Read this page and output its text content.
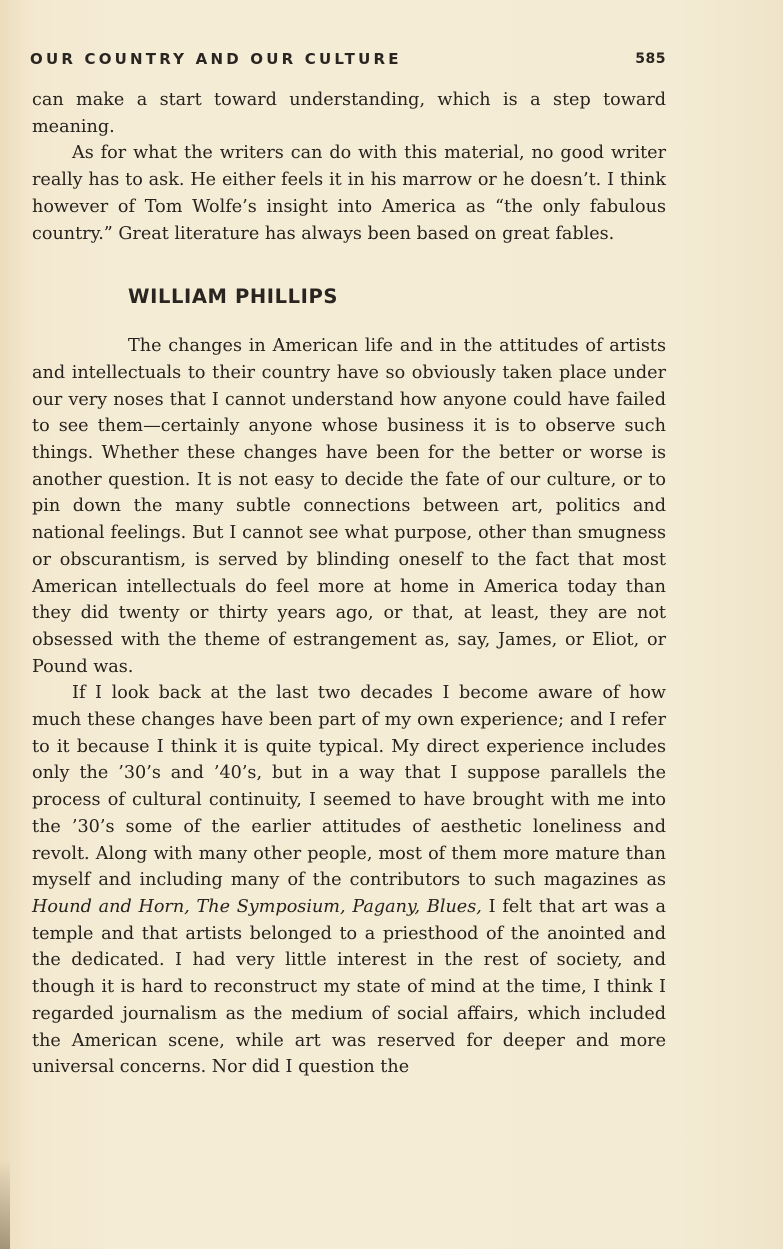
OUR COUNTRY AND OUR CULTURE	585

can make a start toward understanding, which is a step toward meaning.

As for what the writers can do with this material, no good writer really has to ask. He either feels it in his marrow or he doesn’t. I think however of Tom Wolfe’s insight into America as “the only fabulous country.” Great literature has always been based on great fables.

WILLIAM PHILLIPS

The changes in American life and in the attitudes of artists and intellectuals to their country have so obviously taken place under our very noses that I cannot understand how anyone could have failed to see them—certainly anyone whose business it is to observe such things. Whether these changes have been for the better or worse is another question. It is not easy to decide the fate of our culture, or to pin down the many subtle connections between art, politics and national feelings. But I cannot see what purpose, other than smugness or obscurantism, is served by blinding oneself to the fact that most American intellectuals do feel more at home in America today than they did twenty or thirty years ago, or that, at least, they are not obsessed with the theme of estrangement as, say, James, or Eliot, or Pound was.

If I look back at the last two decades I become aware of how much these changes have been part of my own experience; and I refer to it because I think it is quite typical. My direct experience includes only the ’30’s and ’40’s, but in a way that I suppose parallels the process of cultural continuity, I seemed to have brought with me into the ’30’s some of the earlier attitudes of aesthetic loneliness and revolt. Along with many other people, most of them more mature than myself and including many of the contributors to such magazines as Hound and Horn, The Symposium, Pagany, Blues, I felt that art was a temple and that artists belonged to a priesthood of the anointed and the dedicated. I had very little interest in the rest of society, and though it is hard to reconstruct my state of mind at the time, I think I regarded journalism as the medium of social affairs, which included the American scene, while art was reserved for deeper and more universal concerns. Nor did I question the
